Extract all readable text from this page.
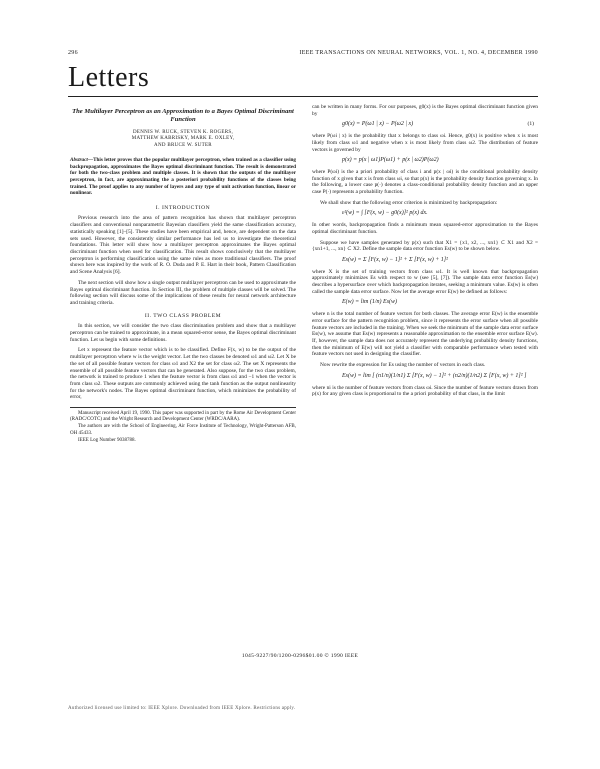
296	IEEE TRANSACTIONS ON NEURAL NETWORKS, VOL. 1, NO. 4, DECEMBER 1990
Letters
The Multilayer Perceptron as an Approximation to a Bayes Optimal Discriminant Function
DENNIS W. RUCK, STEVEN K. ROGERS,
MATTHEW KABRISKY, MARK E. OXLEY,
AND BRUCE W. SUTER
Abstract—This letter proves that the popular multilayer perceptron, when trained as a classifier using backpropagation, approximates the Bayes optimal discriminant function. The result is demonstrated for both the two-class problem and multiple classes. It is shown that the outputs of the multilayer perceptron, in fact, are approximating the a posteriori probability functions of the classes being trained. The proof applies to any number of layers and any type of unit activation function, linear or nonlinear.
I. INTRODUCTION

Previous research into the area of pattern recognition has shown that multilayer perceptron classifiers and conventional nonparametric Bayesian classifiers yield the same classification accuracy, statistically speaking [1]–[5]. These studies have been empirical and, hence, are dependent on the data sets used. However, the consistently similar performance has led us to investigate the theoretical foundations. This letter will show how a multilayer perceptron approximates the Bayes optimal discriminant function when used for classification. This result shows conclusively that the multilayer perceptron is performing classification using the same rules as more traditional classifiers. The proof shown here was inspired by the work of R. O. Duda and P. E. Hart in their book, Pattern Classification and Scene Analysis [6].

The next section will show how a single output multilayer perceptron can be used to approximate the Bayes optimal discriminant function. In Section III, the problem of multiple classes will be solved. The following section will discuss some of the implications of these results for neural network architecture and training criteria.

II. TWO CLASS PROBLEM

In this section, we will consider the two class discrimination problem and show that a multilayer perceptron can be trained to approximate, in a mean squared-error sense, the Bayes optimal discriminant function. Let us begin with some definitions.

Let x represent the feature vector which is to be classified. Define F(x, w) to be the output of the multilayer perceptron where w is the weight vector. Let the two classes be denoted ω1 and ω2. Let X be the set of all possible feature vectors for class ω1 and X2 the set for class ω2. The set X represents the ensemble of all possible feature vectors that can be generated. Also suppose, for the two class problem, the network is trained to produce 1 when the feature vector is from class ω1 and −1 when the vector is from class ω2. These outputs are commonly achieved using the tanh function as the output nonlinearity for the network's nodes. The Bayes optimal discriminant function, which minimizes the probability of error,

Manuscript received April 19, 1990. This paper was supported in part by the Rome Air Development Center (RADC/COTC) and the Wright Research and Development Center (WRDC/AARA).

The authors are with the School of Engineering, Air Force Institute of Technology, Wright-Patterson AFB, OH 45433.

IEEE Log Number 9038788.

can be written in many forms. For our purposes, g0(x) is the Bayes optimal discriminant function given by

g0(x) = P(ω1 | x) − P(ω2 | x)	(1)

where P(ωi | x) is the probability that x belongs to class ωi. Hence, g0(x) is positive when x is most likely from class ω1 and negative when x is most likely from class ω2. The distribution of feature vectors is governed by

p(x) = p(x | ω1)P(ω1) + p(x | ω2)P(ω2)

where P(ωi) is the a priori probability of class i and p(x | ωi) is the conditional probability density function of x given that x is from class ωi, so that p(x) is the probability density function governing x. In the following, a lower case p(·) denotes a class-conditional probability density function and an upper case P(·) represents a probability function.

We shall show that the following error criterion is minimized by backpropagation:

ε²(w) = ∫ [F(x, w) − g0(x)]² p(x) dx.

In other words, backpropagation finds a minimum mean squared-error approximation to the Bayes optimal discriminant function.

Suppose we have samples generated by p(x) such that X1 = {x1, x2, ..., xn1} ⊂ X1 and X2 = {xn1+1, ..., xn} ⊂ X2. Define the sample data error function Es(w) to be shown below.

Es(w) = Σ [F(x, w) − 1]² + Σ [F(x, w) + 1]²

where X is the set of training vectors from class ω1. It is well known that backpropagation approximately minimizes Es with respect to w (see [5], [7]). The sample data error function Es(w) describes a hypersurface over which backpropagation iterates, seeking a minimum value. Es(w) is often called the sample data error surface. Now let the average error E(w) be defined as follows:

E(w) = lim (1/n) Es(w)

where n is the total number of feature vectors for both classes. The average error E(w) is the ensemble error surface for the pattern recognition problem, since it represents the error surface when all possible feature vectors are included in the training. When we seek the minimum of the sample data error surface Es(w), we assume that Es(w) represents a reasonable approximation to the ensemble error surface E(w). If, however, the sample data does not accurately represent the underlying probability density functions, then the minimum of E(w) will not yield a classifier with comparable performance when tested with feature vectors not used in designing the classifier.

Now rewrite the expression for Es using the number of vectors in each class.

Es(w) = lim [ (n1/n)(1/n1) Σ [F(x, w) − 1]² + (n2/n)(1/n2) Σ [F(x, w) + 1]² ]

where ni is the number of feature vectors from class ωi. Since the number of feature vectors drawn from p(x) for any given class is proportional to the a priori probability of that class, in the limit

1045-9227/90/1200-0296$01.00 © 1990 IEEE
Authorized licensed use limited to: IEEE Xplore. Downloaded from IEEE Xplore. Restrictions apply.
